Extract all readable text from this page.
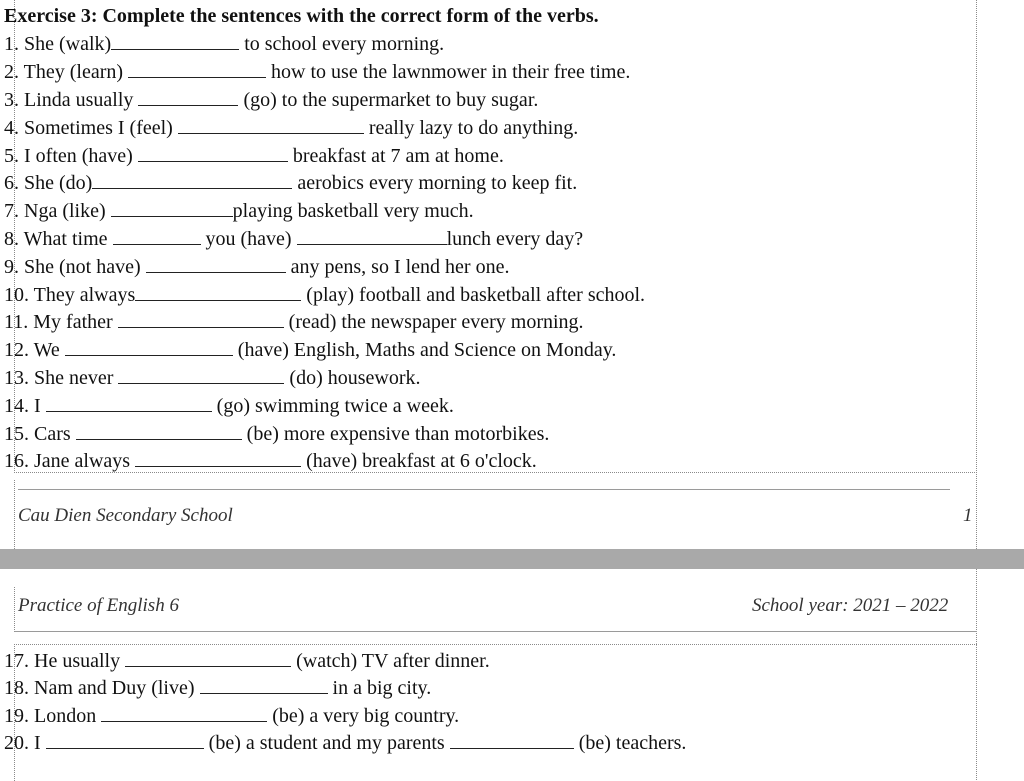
Exercise 3: Complete the sentences with the correct form of the verbs.
1. She (walk)	to school every morning.
2. They (learn)	how to use the lawnmower in their free time.
3. Linda usually	(go) to the supermarket to buy sugar.
4. Sometimes I (feel)	really lazy to do anything.
5. I often (have)	breakfast at 7 am at home.
6. She (do)	aerobics every morning to keep fit.
7. Nga (like)	playing basketball very much.
8. What time	you (have)	lunch every day?
9. She (not have)	any pens, so I lend her one.
10. They always	(play) football and basketball after school.
11. My father	(read) the newspaper every morning.
12. We	(have) English, Maths and Science on Monday.
13. She never	(do) housework.
14. I	(go) swimming twice a week.
15. Cars	(be) more expensive than motorbikes.
16. Jane always	(have) breakfast at 6 o'clock.
Cau Dien Secondary School	1
Practice of English 6	School year: 2021 – 2022
17. He usually	(watch) TV after dinner.
18. Nam and Duy (live)	in a big city.
19. London	(be) a very big country.
20. I	(be) a student and my parents	(be) teachers.
